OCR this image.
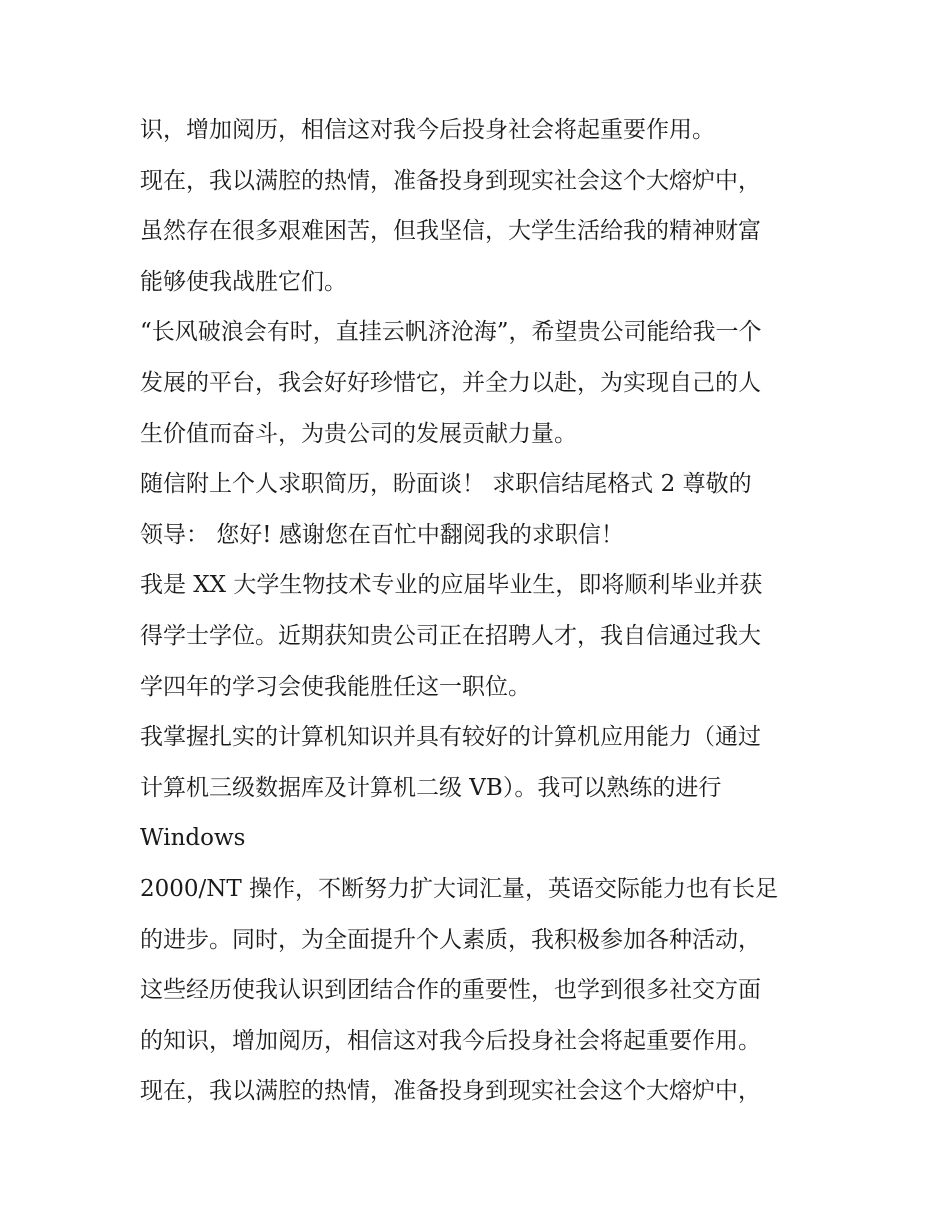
识，增加阅历，相信这对我今后投身社会将起重要作用。
现在，我以满腔的热情，准备投身到现实社会这个大熔炉中，
虽然存在很多艰难困苦，但我坚信，大学生活给我的精神财富
能够使我战胜它们。
“长风破浪会有时，直挂云帆济沧海”，希望贵公司能给我一个
发展的平台，我会好好珍惜它，并全力以赴，为实现自己的人
生价值而奋斗，为贵公司的发展贡献力量。
随信附上个人求职简历，盼面谈！ 求职信结尾格式 2 尊敬的
领导： 您好! 感谢您在百忙中翻阅我的求职信！
我是 XX 大学生物技术专业的应届毕业生，即将顺利毕业并获
得学士学位。近期获知贵公司正在招聘人才，我自信通过我大
学四年的学习会使我能胜任这一职位。
我掌握扎实的计算机知识并具有较好的计算机应用能力（通过
计算机三级数据库及计算机二级 VB）。我可以熟练的进行
Windows
2000/NT 操作，不断努力扩大词汇量，英语交际能力也有长足
的进步。同时，为全面提升个人素质，我积极参加各种活动，
这些经历使我认识到团结合作的重要性，也学到很多社交方面
的知识，增加阅历，相信这对我今后投身社会将起重要作用。
现在，我以满腔的热情，准备投身到现实社会这个大熔炉中，
